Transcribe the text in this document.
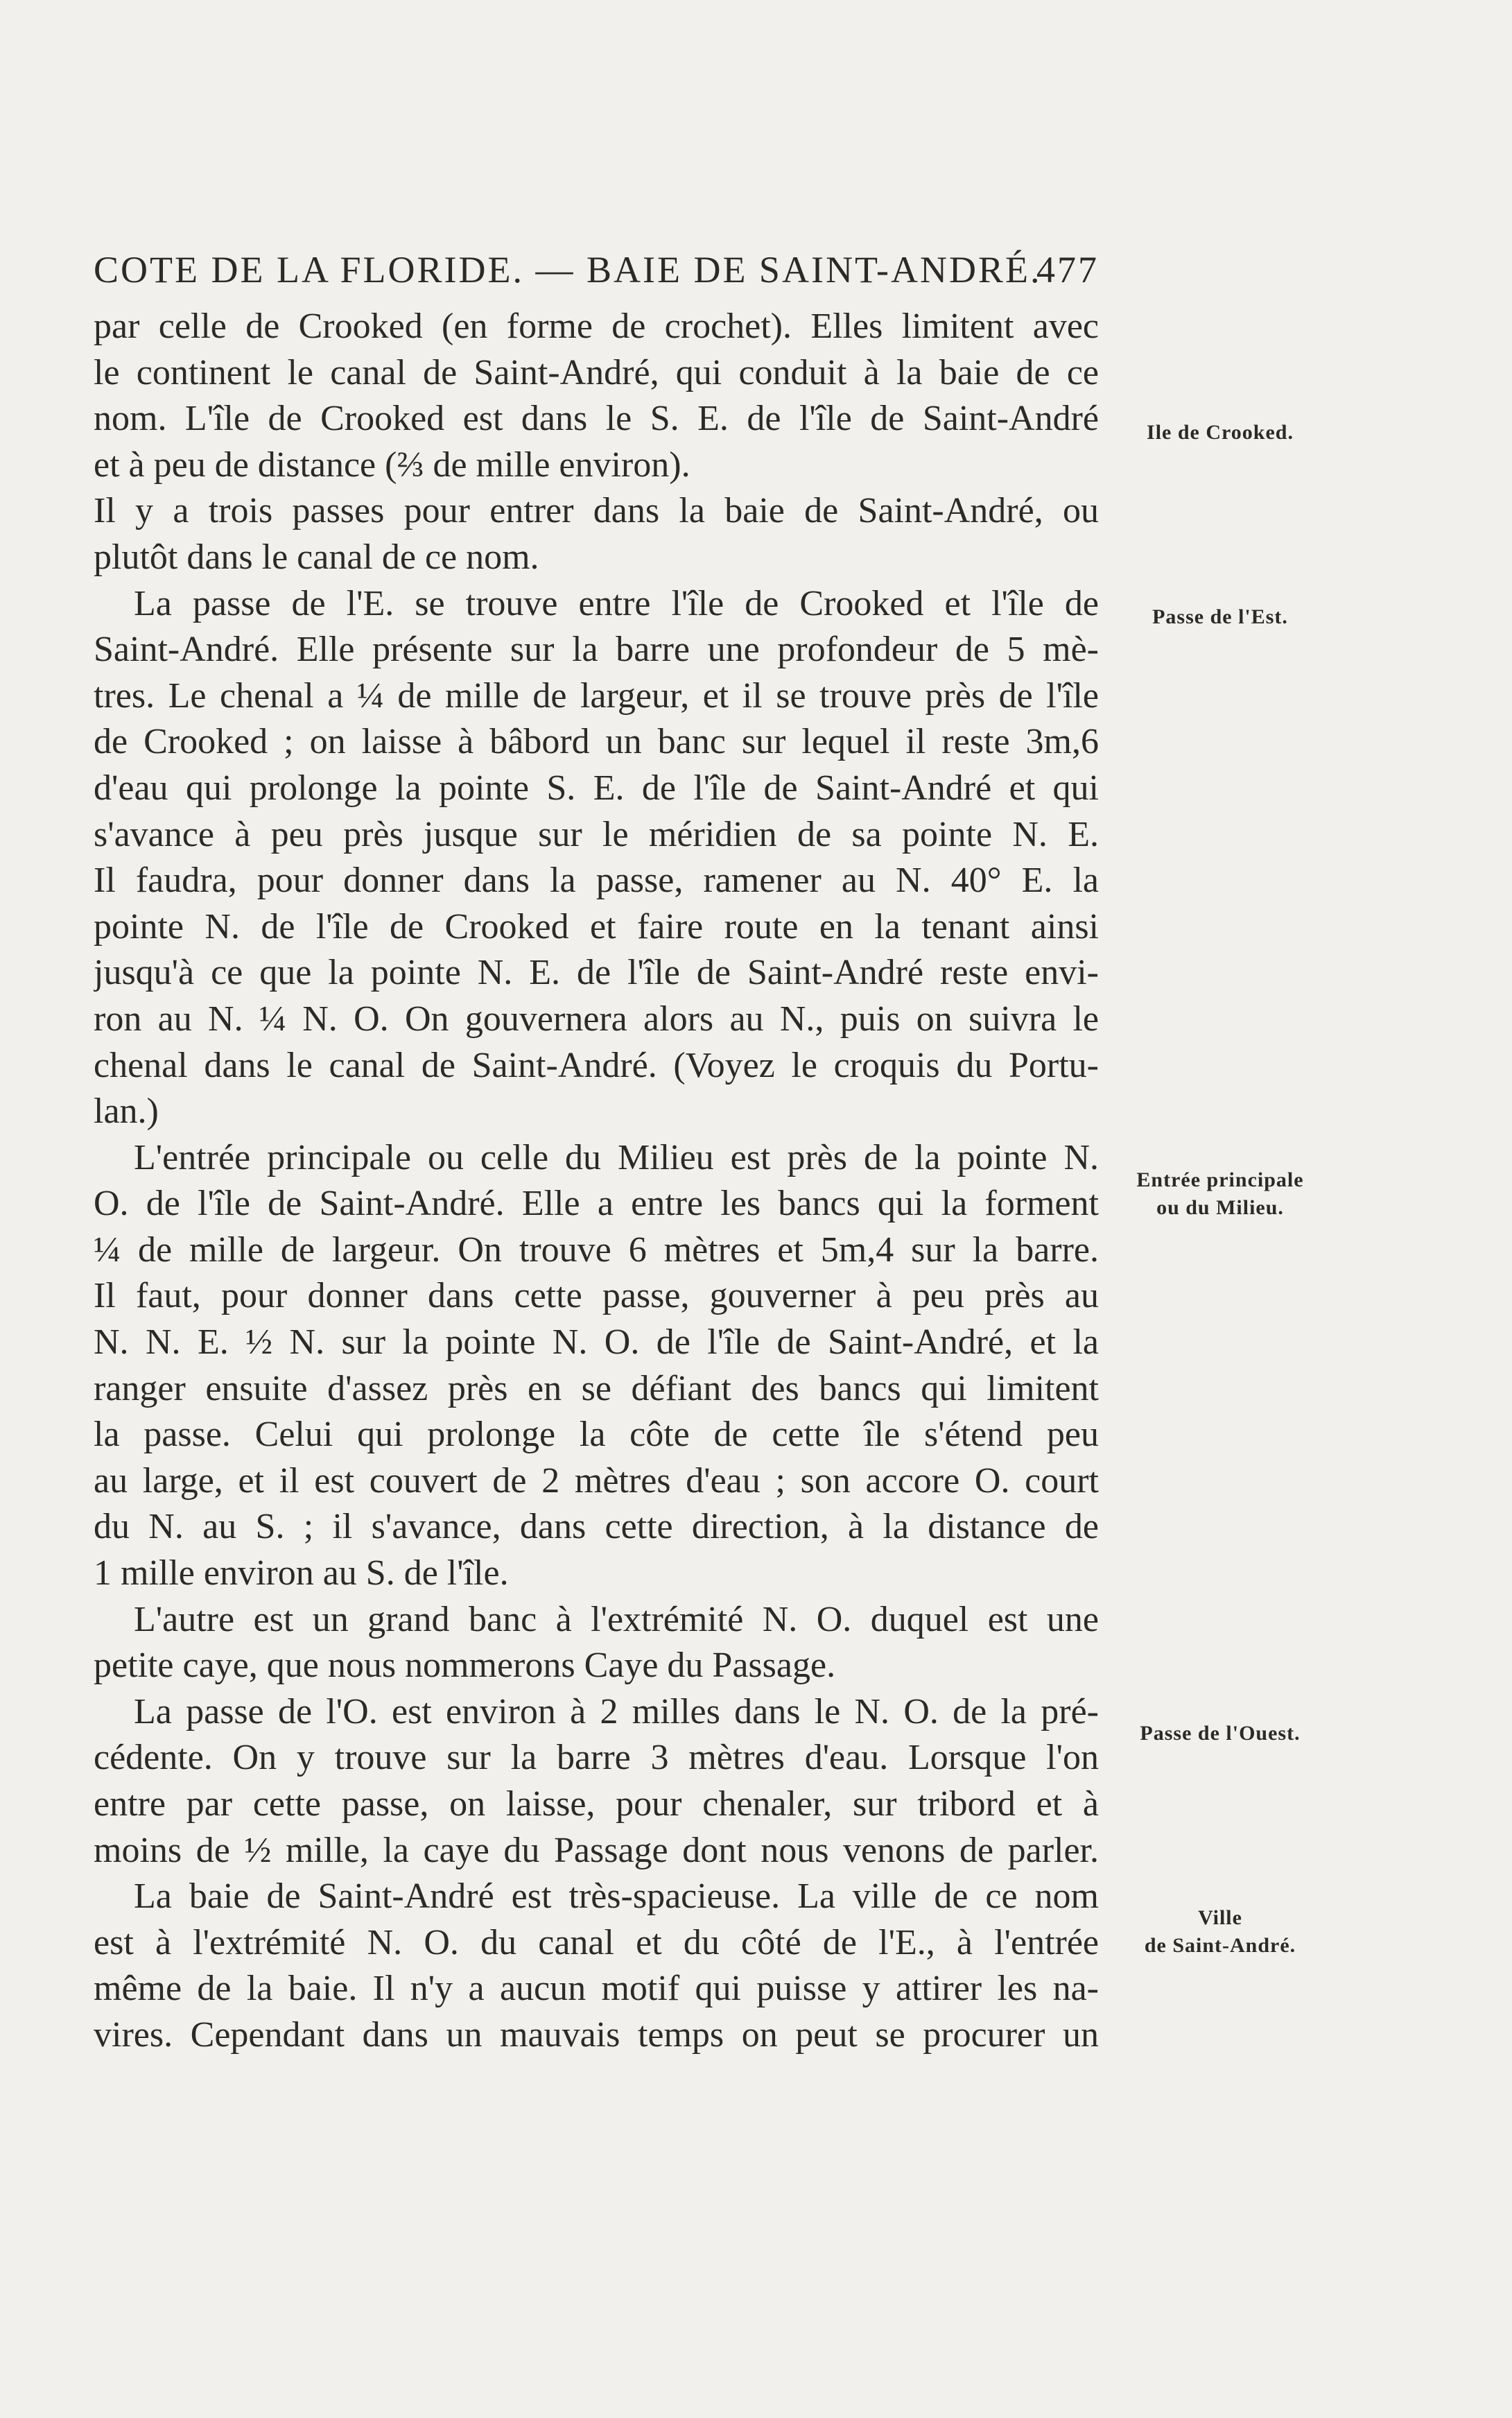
COTE DE LA FLORIDE. — BAIE DE SAINT-ANDRÉ.
477
par celle de Crooked (en forme de crochet). Elles limitent avec
le continent le canal de Saint-André, qui conduit à la baie de ce
nom. L'île de Crooked est dans le S. E. de l'île de Saint-André
et à peu de distance (⅔ de mille environ).
Il y a trois passes pour entrer dans la baie de Saint-André, ou
plutôt dans le canal de ce nom.
La passe de l'E. se trouve entre l'île de Crooked et l'île de
Saint-André. Elle présente sur la barre une profondeur de 5 mè-
tres. Le chenal a ¼ de mille de largeur, et il se trouve près de l'île
de Crooked ; on laisse à bâbord un banc sur lequel il reste 3m,6
d'eau qui prolonge la pointe S. E. de l'île de Saint-André et qui
s'avance à peu près jusque sur le méridien de sa pointe N. E.
Il faudra, pour donner dans la passe, ramener au N. 40° E. la
pointe N. de l'île de Crooked et faire route en la tenant ainsi
jusqu'à ce que la pointe N. E. de l'île de Saint-André reste envi-
ron au N. ¼ N. O. On gouvernera alors au N., puis on suivra le
chenal dans le canal de Saint-André. (Voyez le croquis du Portu-
lan.)
L'entrée principale ou celle du Milieu est près de la pointe N.
O. de l'île de Saint-André. Elle a entre les bancs qui la forment
¼ de mille de largeur. On trouve 6 mètres et 5m,4 sur la barre.
Il faut, pour donner dans cette passe, gouverner à peu près au
N. N. E. ½ N. sur la pointe N. O. de l'île de Saint-André, et la
ranger ensuite d'assez près en se défiant des bancs qui limitent
la passe. Celui qui prolonge la côte de cette île s'étend peu
au large, et il est couvert de 2 mètres d'eau ; son accore O. court
du N. au S. ; il s'avance, dans cette direction, à la distance de
1 mille environ au S. de l'île.
L'autre est un grand banc à l'extrémité N. O. duquel est une
petite caye, que nous nommerons Caye du Passage.
La passe de l'O. est environ à 2 milles dans le N. O. de la pré-
cédente. On y trouve sur la barre 3 mètres d'eau. Lorsque l'on
entre par cette passe, on laisse, pour chenaler, sur tribord et à
moins de ½ mille, la caye du Passage dont nous venons de parler.
La baie de Saint-André est très-spacieuse. La ville de ce nom
est à l'extrémité N. O. du canal et du côté de l'E., à l'entrée
même de la baie. Il n'y a aucun motif qui puisse y attirer les na-
vires. Cependant dans un mauvais temps on peut se procurer un
Ile de Crooked.
Passe de l'Est.
Entrée principale
ou du Milieu.
Passe de l'Ouest.
Ville
de Saint-André.
